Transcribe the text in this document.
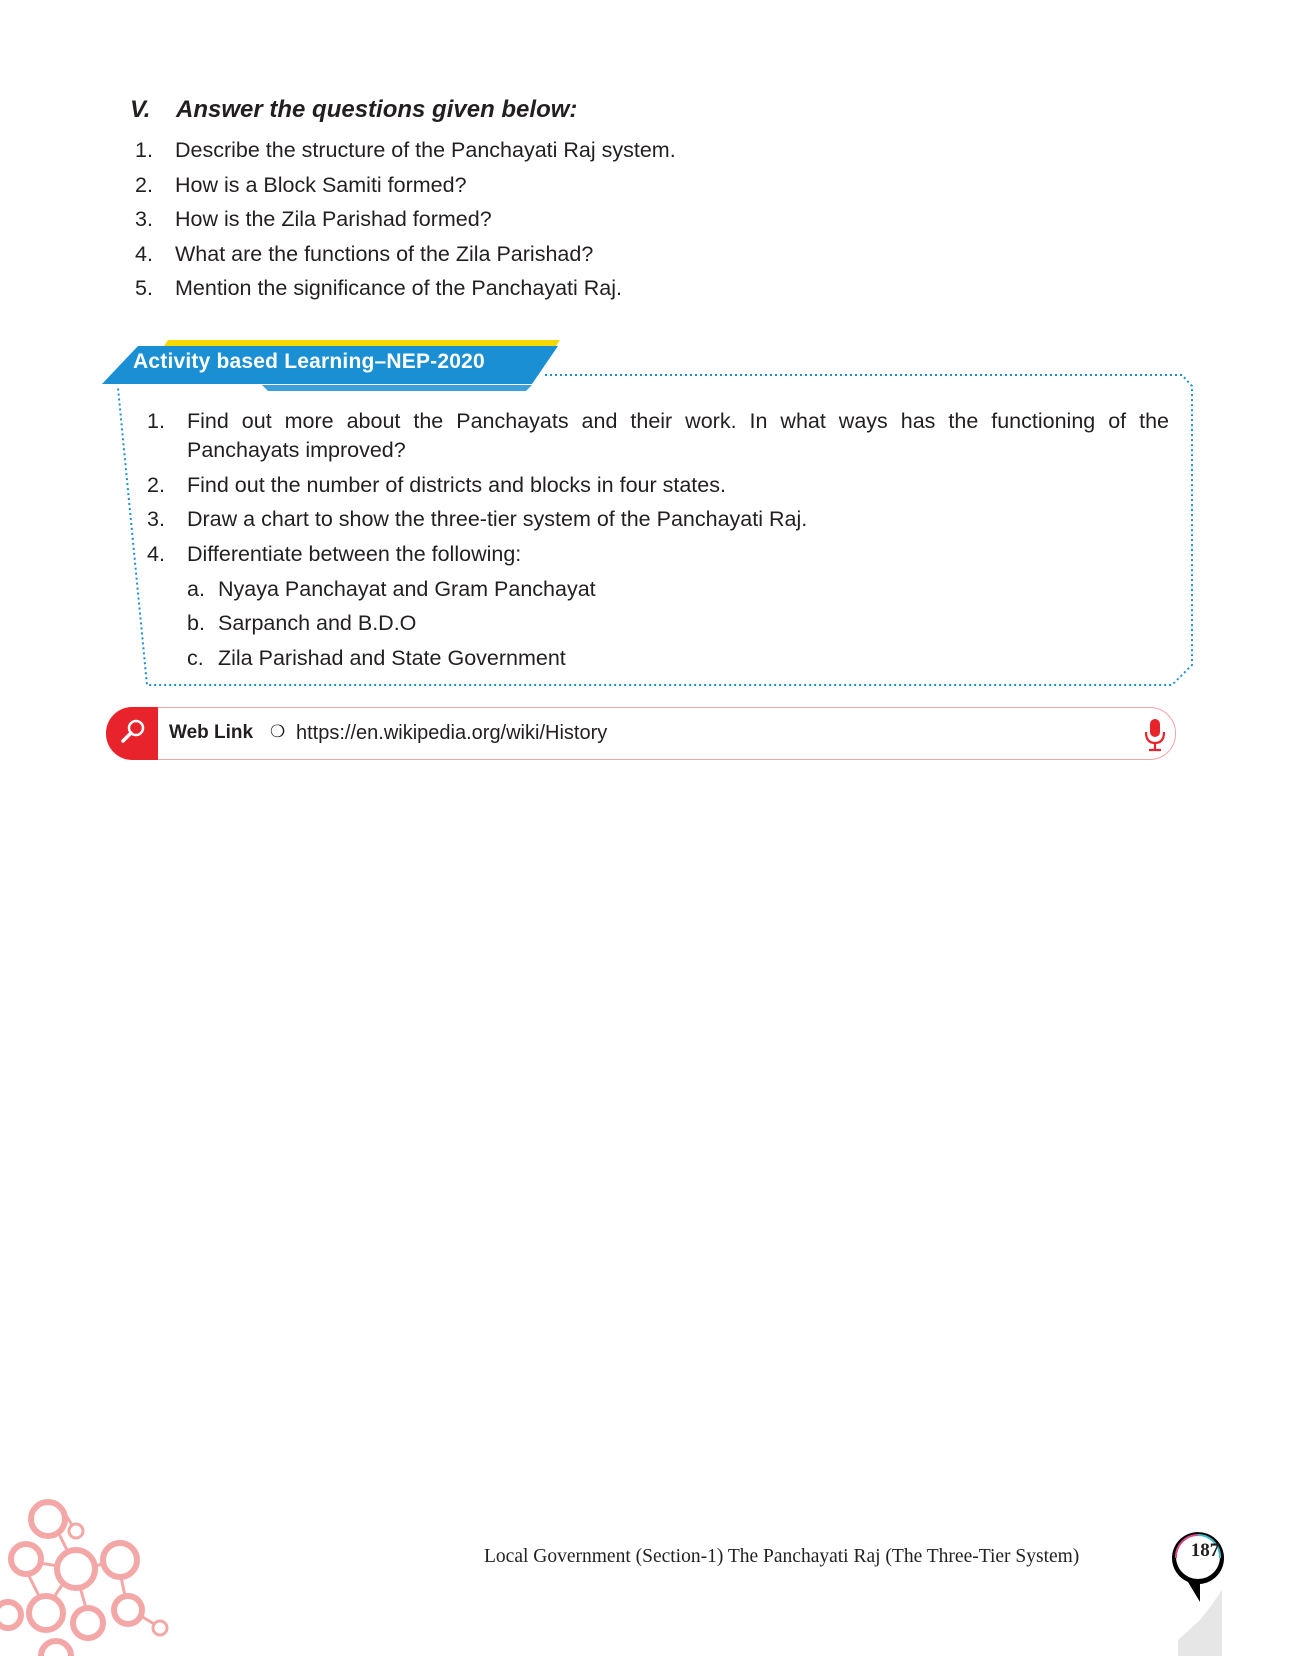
V. Answer the questions given below:
1.	Describe the structure of the Panchayati Raj system.
2.	How is a Block Samiti formed?
3.	How is the Zila Parishad formed?
4.	What are the functions of the Zila Parishad?
5.	Mention the significance of the Panchayati Raj.
Activity based Learning–NEP-2020
1.	Find out more about the Panchayats and their work. In what ways has the functioning of the Panchayats improved?
2.	Find out the number of districts and blocks in four states.
3.	Draw a chart to show the three-tier system of the Panchayati Raj.
4.	Differentiate between the following:
a. Nyaya Panchayat and Gram Panchayat
b. Sarpanch and B.D.O
c. Zila Parishad and State Government
Web Link ❍ https://en.wikipedia.org/wiki/History
Local Government (Section-1) The Panchayati Raj (The Three-Tier System)	187
